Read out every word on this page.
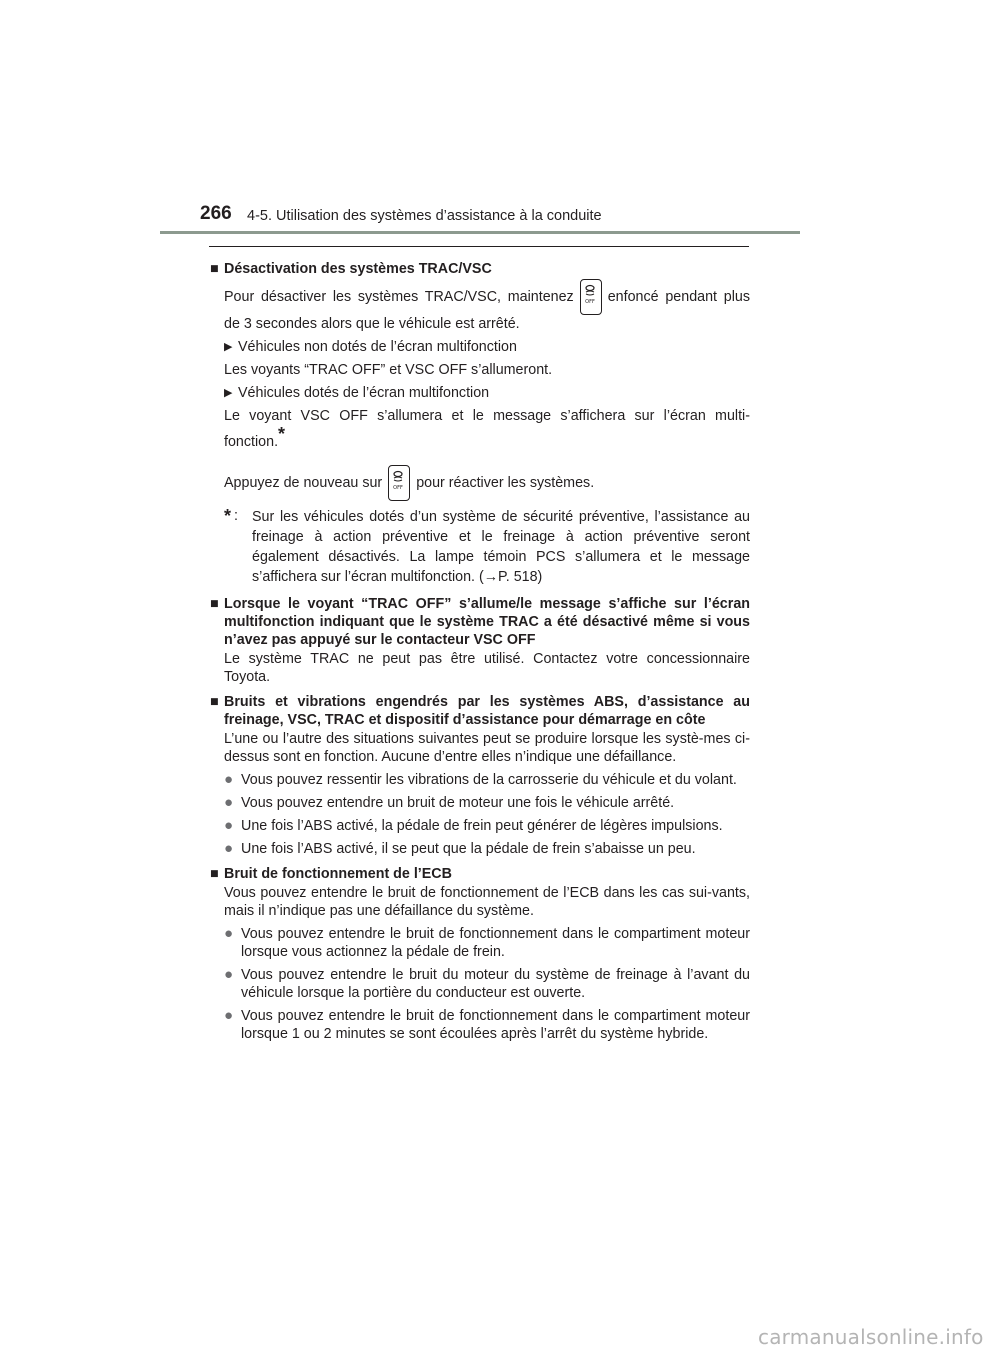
266 4-5. Utilisation des systèmes d’assistance à la conduite
■ Désactivation des systèmes TRAC/VSC
Pour désactiver les systèmes TRAC/VSC, maintenez OFF enfoncé pendant plus de 3 secondes alors que le véhicule est arrêté.
▶ Véhicules non dotés de l’écran multifonction
Les voyants “TRAC OFF” et VSC OFF s’allumeront.
▶ Véhicules dotés de l’écran multifonction
Le voyant VSC OFF s’allumera et le message s’affichera sur l’écran multi-fonction.*
Appuyez de nouveau sur OFF pour réactiver les systèmes.
* : Sur les véhicules dotés d’un système de sécurité préventive, l’assistance au freinage à action préventive et le freinage à action préventive seront également désactivés. La lampe témoin PCS s’allumera et le message s’affichera sur l’écran multifonction. (→P. 518)
■ Lorsque le voyant “TRAC OFF” s’allume/le message s’affiche sur l’écran multifonction indiquant que le système TRAC a été désactivé même si vous n’avez pas appuyé sur le contacteur VSC OFF
Le système TRAC ne peut pas être utilisé. Contactez votre concessionnaire Toyota.
■ Bruits et vibrations engendrés par les systèmes ABS, d’assistance au freinage, VSC, TRAC et dispositif d’assistance pour démarrage en côte
L’une ou l’autre des situations suivantes peut se produire lorsque les systè-mes ci-dessus sont en fonction. Aucune d’entre elles n’indique une défaillance.
● Vous pouvez ressentir les vibrations de la carrosserie du véhicule et du volant.
● Vous pouvez entendre un bruit de moteur une fois le véhicule arrêté.
● Une fois l’ABS activé, la pédale de frein peut générer de légères impulsions.
● Une fois l’ABS activé, il se peut que la pédale de frein s’abaisse un peu.
■ Bruit de fonctionnement de l’ECB
Vous pouvez entendre le bruit de fonctionnement de l’ECB dans les cas sui-vants, mais il n’indique pas une défaillance du système.
● Vous pouvez entendre le bruit de fonctionnement dans le compartiment moteur lorsque vous actionnez la pédale de frein.
● Vous pouvez entendre le bruit du moteur du système de freinage à l’avant du véhicule lorsque la portière du conducteur est ouverte.
● Vous pouvez entendre le bruit de fonctionnement dans le compartiment moteur lorsque 1 ou 2 minutes se sont écoulées après l’arrêt du système hybride.
carmanualsonline.info
